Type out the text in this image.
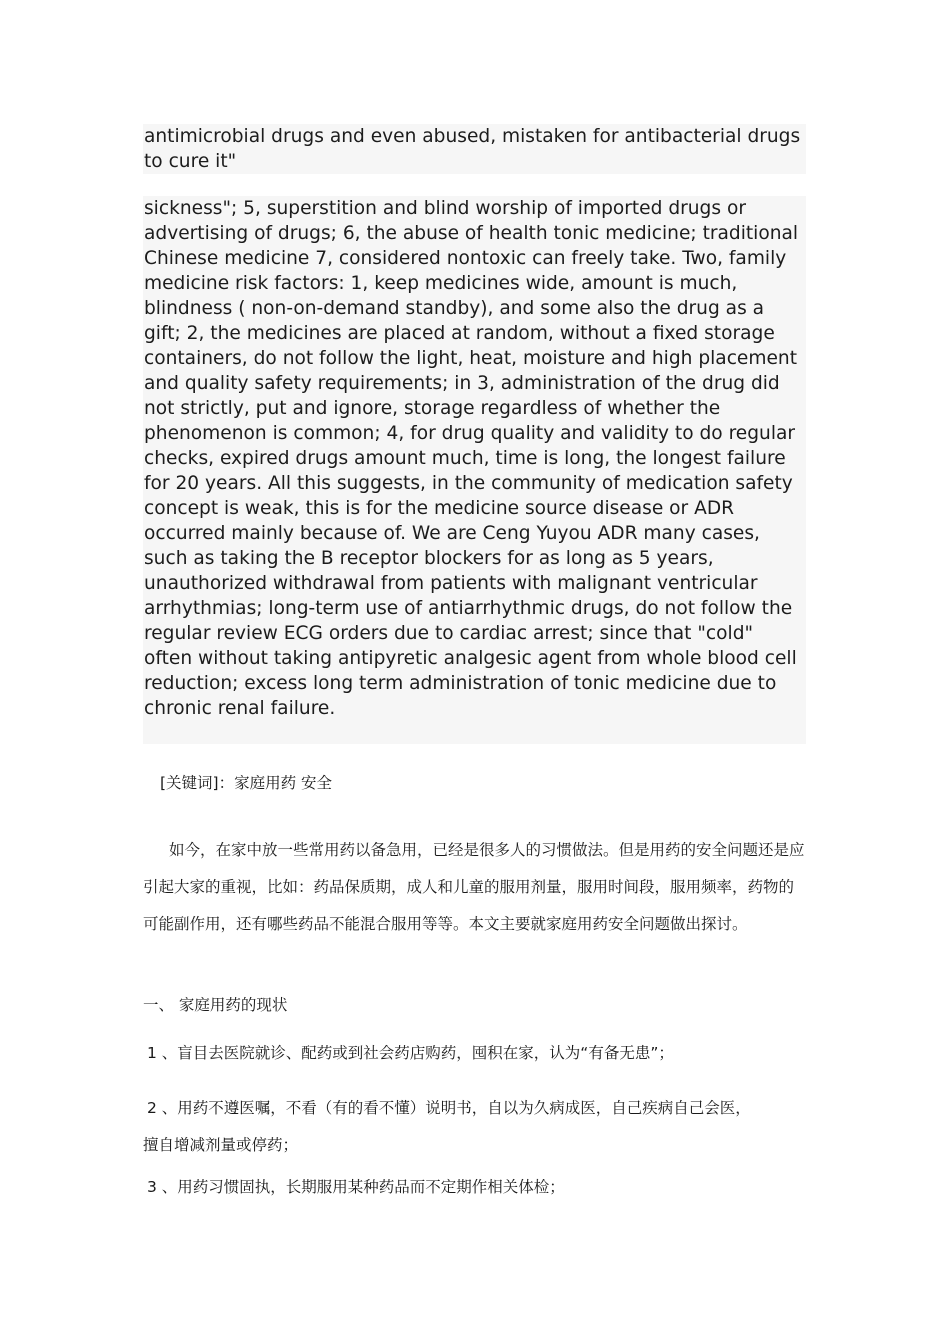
antimicrobial drugs and even abused, mistaken for antibacterial drugs to cure it"

sickness"; 5, superstition and blind worship of imported drugs or advertising of drugs; 6, the abuse of health tonic medicine; traditional Chinese medicine 7, considered nontoxic can freely take. Two, family medicine risk factors: 1, keep medicines wide, amount is much, blindness ( non-on-demand standby), and some also the drug as a gift; 2, the medicines are placed at random, without a fixed storage containers, do not follow the light, heat, moisture and high placement and quality safety requirements; in 3, administration of the drug did not strictly, put and ignore, storage regardless of whether the phenomenon is common; 4, for drug quality and validity to do regular checks, expired drugs amount much, time is long, the longest failure for 20 years. All this suggests, in the community of medication safety concept is weak, this is for the medicine source disease or ADR occurred mainly because of. We are Ceng Yuyou ADR many cases, such as taking the B receptor blockers for as long as 5 years, unauthorized withdrawal from patients with malignant ventricular arrhythmias; long-term use of antiarrhythmic drugs, do not follow the regular review ECG orders due to cardiac arrest; since that "cold" often without taking antipyretic analgesic agent from whole blood cell reduction; excess long term administration of tonic medicine due to chronic renal failure.

[关键词]：家庭用药 安全

如今，在家中放一些常用药以备急用，已经是很多人的习惯做法。但是用药的安全问题还是应引起大家的重视，比如：药品保质期，成人和儿童的服用剂量，服用时间段，服用频率，药物的可能副作用，还有哪些药品不能混合服用等等。本文主要就家庭用药安全问题做出探讨。

一、 家庭用药的现状

1 、盲目去医院就诊、配药或到社会药店购药，囤积在家，认为“有备无患”；

2 、用药不遵医嘱，不看（有的看不懂）说明书，自以为久病成医，自己疾病自己会医，
擅自增减剂量或停药；

3 、用药习惯固执，长期服用某种药品而不定期作相关体检；
